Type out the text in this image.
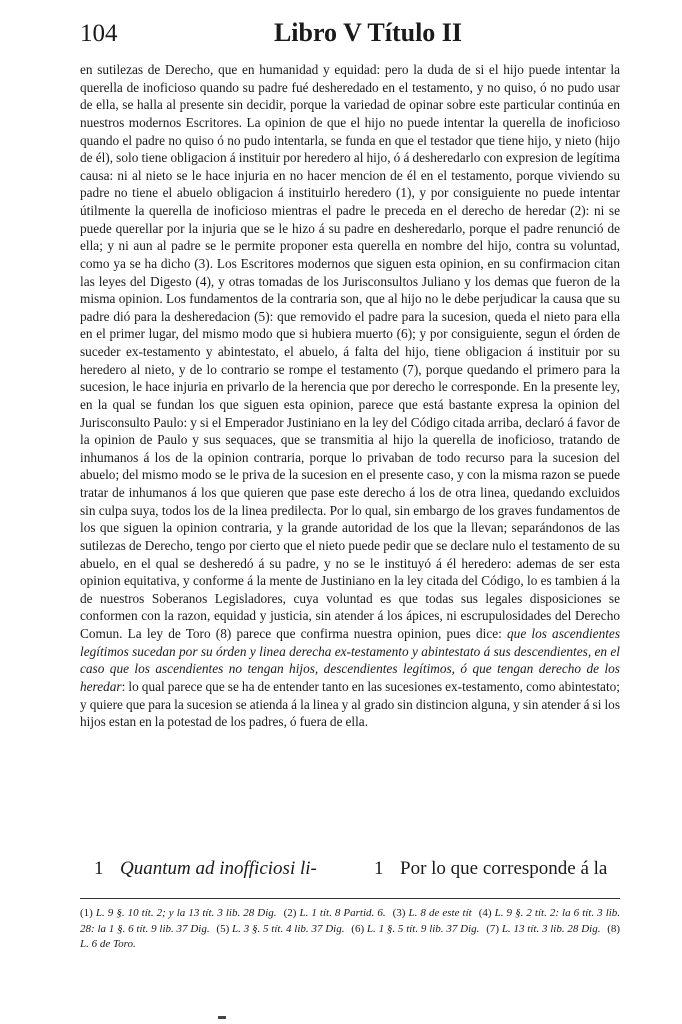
104	Libro V Título II

en sutilezas de Derecho, que en humanidad y equidad: pero la duda de si el hijo puede intentar la querella de inoficioso quando su padre fué desheredado en el testamento, y no quiso, ó no pudo usar de ella, se halla al presente sin decidir, porque la variedad de opinar sobre este particular continúa en nuestros modernos Escritores. La opinion de que el hijo no puede intentar la querella de inoficioso quando el padre no quiso ó no pudo intentarla, se funda en que el testador que tiene hijo, y nieto (hijo de él), solo tiene obligacion á instituir por heredero al hijo, ó á desheredarlo con expresion de legítima causa: ni al nieto se le hace injuria en no hacer mencion de él en el testamento, porque viviendo su padre no tiene el abuelo obligacion á instituirlo heredero (1), y por consiguiente no puede intentar útilmente la querella de inoficioso mientras el padre le preceda en el derecho de heredar (2): ni se puede querellar por la injuria que se le hizo á su padre en desheredarlo, porque el padre renunció de ella; y ni aun al padre se le permite proponer esta querella en nombre del hijo, contra su voluntad, como ya se ha dicho (3). Los Escritores modernos que siguen esta opinion, en su confirmacion citan las leyes del Digesto (4), y otras tomadas de los Jurisconsultos Juliano y los demas que fueron de la misma opinion. Los fundamentos de la contraria son, que al hijo no le debe perjudicar la causa que su padre dió para la desheredacion (5): que removido el padre para la sucesion, queda el nieto para ella en el primer lugar, del mismo modo que si hubiera muerto (6); y por consiguiente, segun el órden de suceder ex-testamento y abintestato, el abuelo, á falta del hijo, tiene obligacion á instituir por su heredero al nieto, y de lo contrario se rompe el testamento (7), porque quedando el primero para la sucesion, le hace injuria en privarlo de la herencia que por derecho le corresponde. En la presente ley, en la qual se fundan los que siguen esta opinion, parece que está bastante expresa la opinion del Jurisconsulto Paulo: y si el Emperador Justiniano en la ley del Código citada arriba, declaró á favor de la opinion de Paulo y sus sequaces, que se transmitia al hijo la querella de inoficioso, tratando de inhumanos á los de la opinion contraria, porque lo privaban de todo recurso para la sucesion del abuelo; del mismo modo se le priva de la sucesion en el presente caso, y con la misma razon se puede tratar de inhumanos á los que quieren que pase este derecho á los de otra linea, quedando excluidos sin culpa suya, todos los de la linea predilecta. Por lo qual, sin embargo de los graves fundamentos de los que siguen la opinion contraria, y la grande autoridad de los que la llevan; separándonos de las sutilezas de Derecho, tengo por cierto que el nieto puede pedir que se declare nulo el testamento de su abuelo, en el qual se desheredó á su padre, y no se le instituyó á él heredero: ademas de ser esta opinion equitativa, y conforme á la mente de Justiniano en la ley citada del Código, lo es tambien á la de nuestros Soberanos Legisladores, cuya voluntad es que todas sus legales disposiciones se conformen con la razon, equidad y justicia, sin atender á los ápices, ni escrupulosidades del Derecho Comun. La ley de Toro (8) parece que confirma nuestra opinion, pues dice: que los ascendientes legítimos sucedan por su órden y linea derecha ex-testamento y abintestato á sus descendientes, en el caso que los ascendientes no tengan hijos, descendientes legítimos, ó que tengan derecho de los heredar: lo qual parece que se ha de entender tanto en las sucesiones ex-testamento, como abintestato; y quiere que para la sucesion se atienda á la linea y al grado sin distincion alguna, y sin atender á si los hijos estan en la potestad de los padres, ó fuera de ella.

1 Quantum ad inofficiosi li-	1 Por lo que corresponde á la
(1) L. 9 §. 10 tít. 2; y la 13 tít. 3 lib. 28 Dig. (2) L. 1 tít. 8 Partid. 6. (3) L. 8 de este tít (4) L. 9 §. 2 tít. 2: la 6 tít. 3 lib. 28: la 1 §. 6 tít. 9 lib. 37 Dig. (5) L. 3 §. 5 tít. 4 lib. 37 Dig. (6) L. 1 §. 5 tít. 9 lib. 37 Dig. (7) L. 13 tít. 3 lib. 28 Dig. (8) L. 6 de Toro.
